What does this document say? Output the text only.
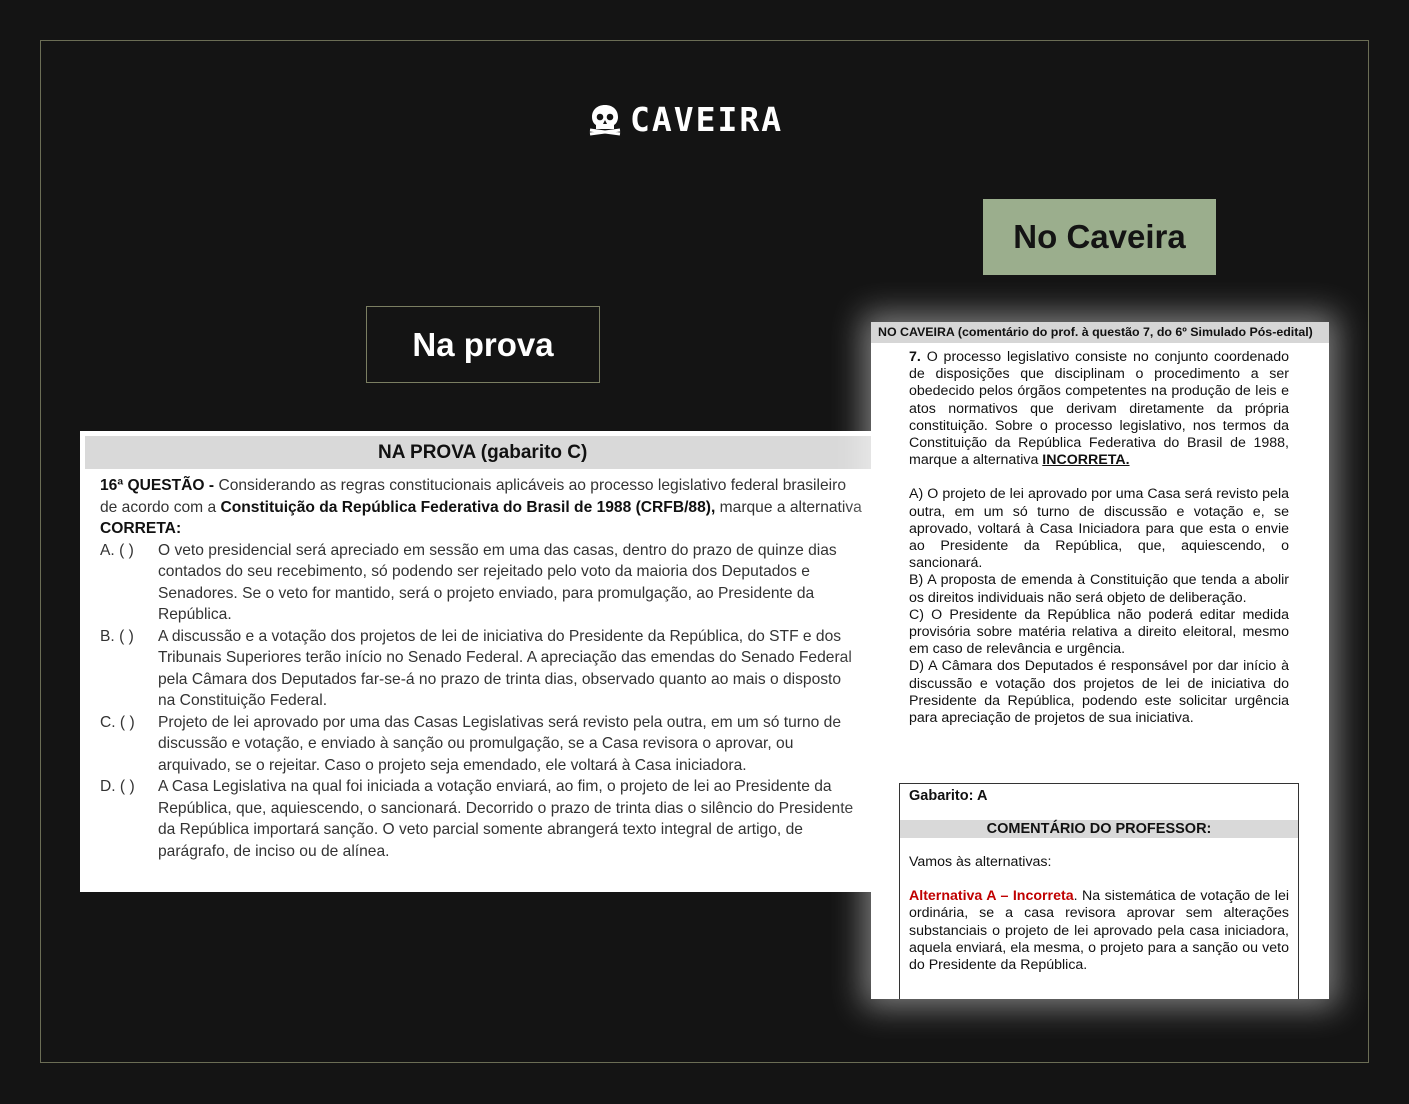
CAVEIRA
No Caveira
Na prova
NA PROVA (gabarito C)
16ª QUESTÃO - Considerando as regras constitucionais aplicáveis ao processo legislativo federal brasileiro
de acordo com a Constituição da República Federativa do Brasil de 1988 (CRFB/88), marque a alternativa
CORRETA:
A. ( )	O veto presidencial será apreciado em sessão em uma das casas, dentro do prazo de quinze dias
contados do seu recebimento, só podendo ser rejeitado pelo voto da maioria dos Deputados e
Senadores. Se o veto for mantido, será o projeto enviado, para promulgação, ao Presidente da
República.
B. ( )	A discussão e a votação dos projetos de lei de iniciativa do Presidente da República, do STF e dos
Tribunais Superiores terão início no Senado Federal. A apreciação das emendas do Senado Federal
pela Câmara dos Deputados far-se-á no prazo de trinta dias, observado quanto ao mais o disposto
na Constituição Federal.
C. ( )	Projeto de lei aprovado por uma das Casas Legislativas será revisto pela outra, em um só turno de
discussão e votação, e enviado à sanção ou promulgação, se a Casa revisora o aprovar, ou
arquivado, se o rejeitar. Caso o projeto seja emendado, ele voltará à Casa iniciadora.
D. ( )	A Casa Legislativa na qual foi iniciada a votação enviará, ao fim, o projeto de lei ao Presidente da
República, que, aquiescendo, o sancionará. Decorrido o prazo de trinta dias o silêncio do Presidente
da República importará sanção. O veto parcial somente abrangerá texto integral de artigo, de
parágrafo, de inciso ou de alínea.
NO CAVEIRA (comentário do prof. à questão 7, do 6º Simulado Pós-edital)

7. O processo legislativo consiste no conjunto coordenado de disposições que disciplinam o procedimento a ser obedecido pelos órgãos competentes na produção de leis e atos normativos que derivam diretamente da própria constituição. Sobre o processo legislativo, nos termos da Constituição da República Federativa do Brasil de 1988, marque a alternativa INCORRETA.

A) O projeto de lei aprovado por uma Casa será revisto pela outra, em um só turno de discussão e votação e, se aprovado, voltará à Casa Iniciadora para que esta o envie ao Presidente da República, que, aquiescendo, o sancionará.

B) A proposta de emenda à Constituição que tenda a abolir os direitos individuais não será objeto de deliberação.

C) O Presidente da República não poderá editar medida provisória sobre matéria relativa a direito eleitoral, mesmo em caso de relevância e urgência.

D) A Câmara dos Deputados é responsável por dar início à discussão e votação dos projetos de lei de iniciativa do Presidente da República, podendo este solicitar urgência para apreciação de projetos de sua iniciativa.

Gabarito: A
COMENTÁRIO DO PROFESSOR:

Vamos às alternativas:

Alternativa A – Incorreta. Na sistemática de votação de lei ordinária, se a casa revisora aprovar sem alterações substanciais o projeto de lei aprovado pela casa iniciadora, aquela enviará, ela mesma, o projeto para a sanção ou veto do Presidente da República.
